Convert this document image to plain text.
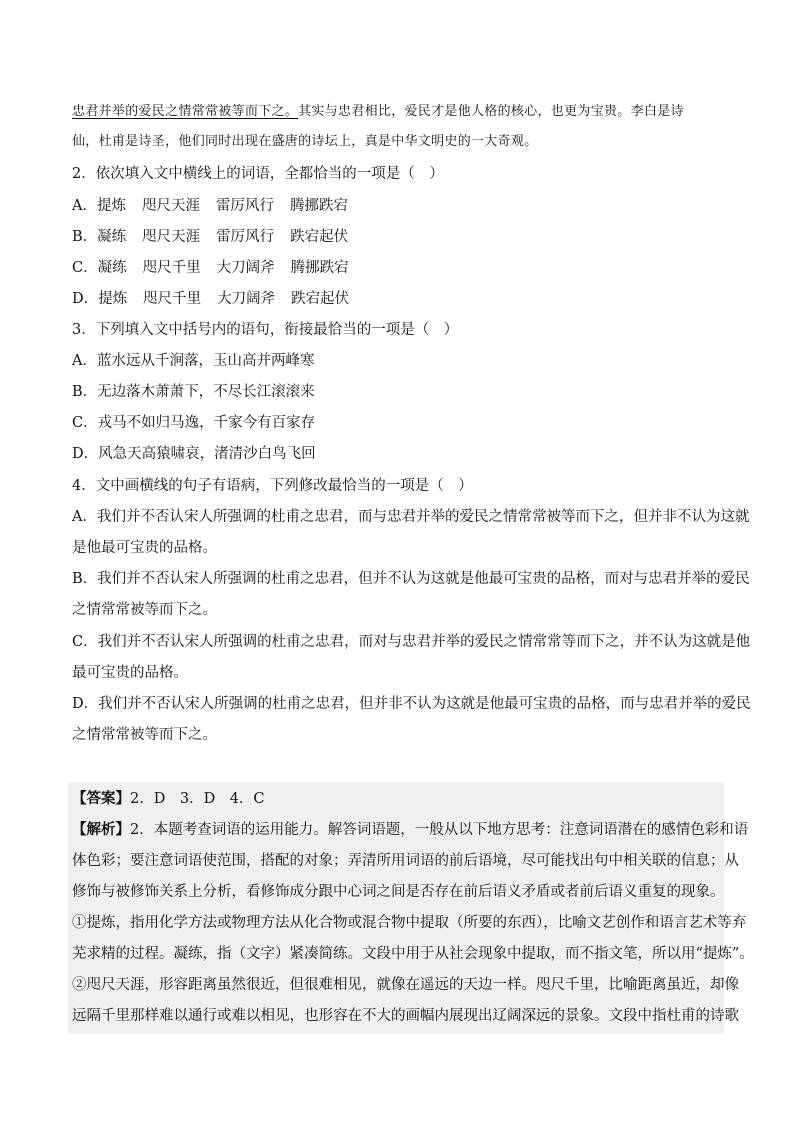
忠君并举的爱民之情常常被等而下之。其实与忠君相比，爱民才是他人格的核心，也更为宝贵。李白是诗
仙，杜甫是诗圣，他们同时出现在盛唐的诗坛上，真是中华文明史的一大奇观。
2．依次填入文中横线上的词语，全都恰当的一项是（　）
A．提炼 咫尺天涯 雷厉风行 腾挪跌宕
B．凝练 咫尺天涯 雷厉风行 跌宕起伏
C．凝练 咫尺千里 大刀阔斧 腾挪跌宕
D．提炼 咫尺千里 大刀阔斧 跌宕起伏
3．下列填入文中括号内的语句，衔接最恰当的一项是（　）
A．蓝水远从千涧落，玉山高并两峰寒
B．无边落木萧萧下，不尽长江滚滚来
C．戎马不如归马逸，千家今有百家存
D．风急天高猿啸哀，渚清沙白鸟飞回
4．文中画横线的句子有语病，下列修改最恰当的一项是（　）
A．我们并不否认宋人所强调的杜甫之忠君，而与忠君并举的爱民之情常常被等而下之，但并非不认为这就
是他最可宝贵的品格。
B．我们并不否认宋人所强调的杜甫之忠君，但并不认为这就是他最可宝贵的品格，而对与忠君并举的爱民
之情常常被等而下之。
C．我们并不否认宋人所强调的杜甫之忠君，而对与忠君并举的爱民之情常常等而下之，并不认为这就是他
最可宝贵的品格。
D．我们并不否认宋人所强调的杜甫之忠君，但并非不认为这就是他最可宝贵的品格，而与忠君并举的爱民
之情常常被等而下之。
【答案】2．D　3．D　4．C
【解析】2．本题考查词语的运用能力。解答词语题，一般从以下地方思考：注意词语潜在的感情色彩和语
体色彩；要注意词语使范围，搭配的对象；弄清所用词语的前后语境，尽可能找出句中相关联的信息；从
修饰与被修饰关系上分析，看修饰成分跟中心词之间是否存在前后语义矛盾或者前后语义重复的现象。
①提炼，指用化学方法或物理方法从化合物或混合物中提取（所要的东西），比喻文艺创作和语言艺术等弃
芜求精的过程。凝练，指（文字）紧凑简练。文段中用于从社会现象中提取，而不指文笔，所以用“提炼”。
②咫尺天涯，形容距离虽然很近，但很难相见，就像在遥远的天边一样。咫尺千里，比喻距离虽近，却像
远隔千里那样难以通行或难以相见，也形容在不大的画幅内展现出辽阔深远的景象。文段中指杜甫的诗歌
